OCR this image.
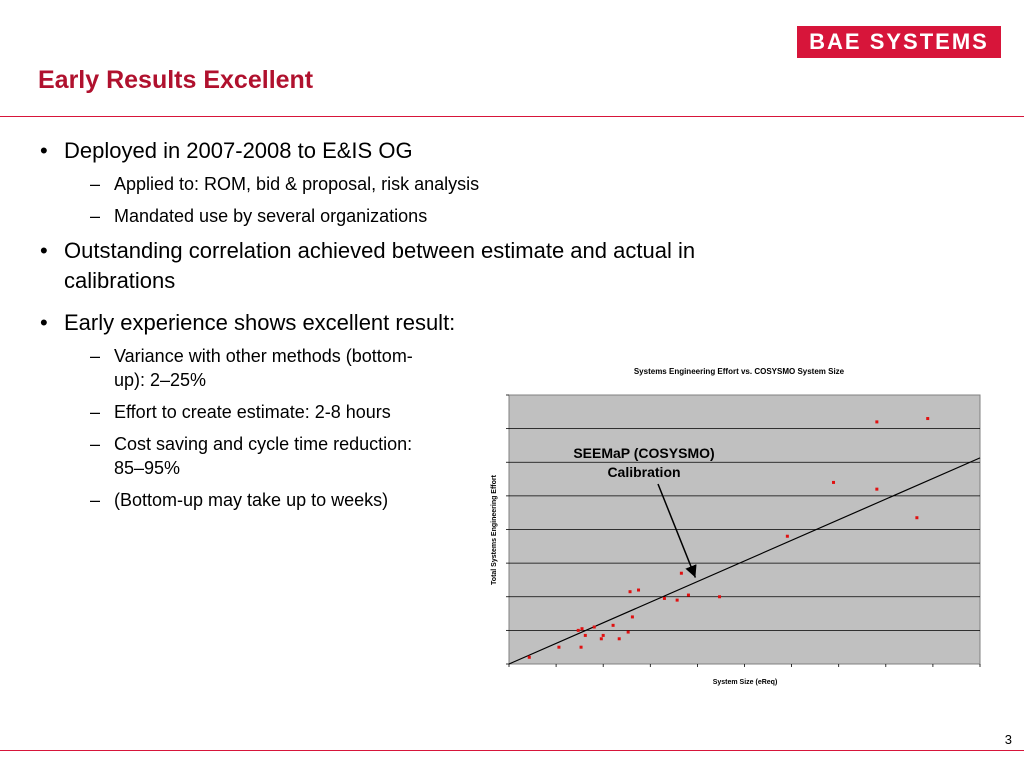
BAE SYSTEMS
Early Results Excellent
• Deployed in 2007-2008 to E&IS OG
– Applied to: ROM, bid & proposal, risk analysis
– Mandated use by several organizations
• Outstanding correlation achieved between estimate and actual in calibrations
• Early experience shows excellent result:
– Variance with other methods (bottom-up): 2–25%
– Effort to create estimate: 2-8 hours
– Cost saving and cycle time reduction: 85–95%
– (Bottom-up may take up to weeks)
Systems Engineering Effort vs. COSYSMO System Size
System Size (eReq)
Total Systems Engineering Effort
SEEMaP (COSYSMO)
Calibration
3
